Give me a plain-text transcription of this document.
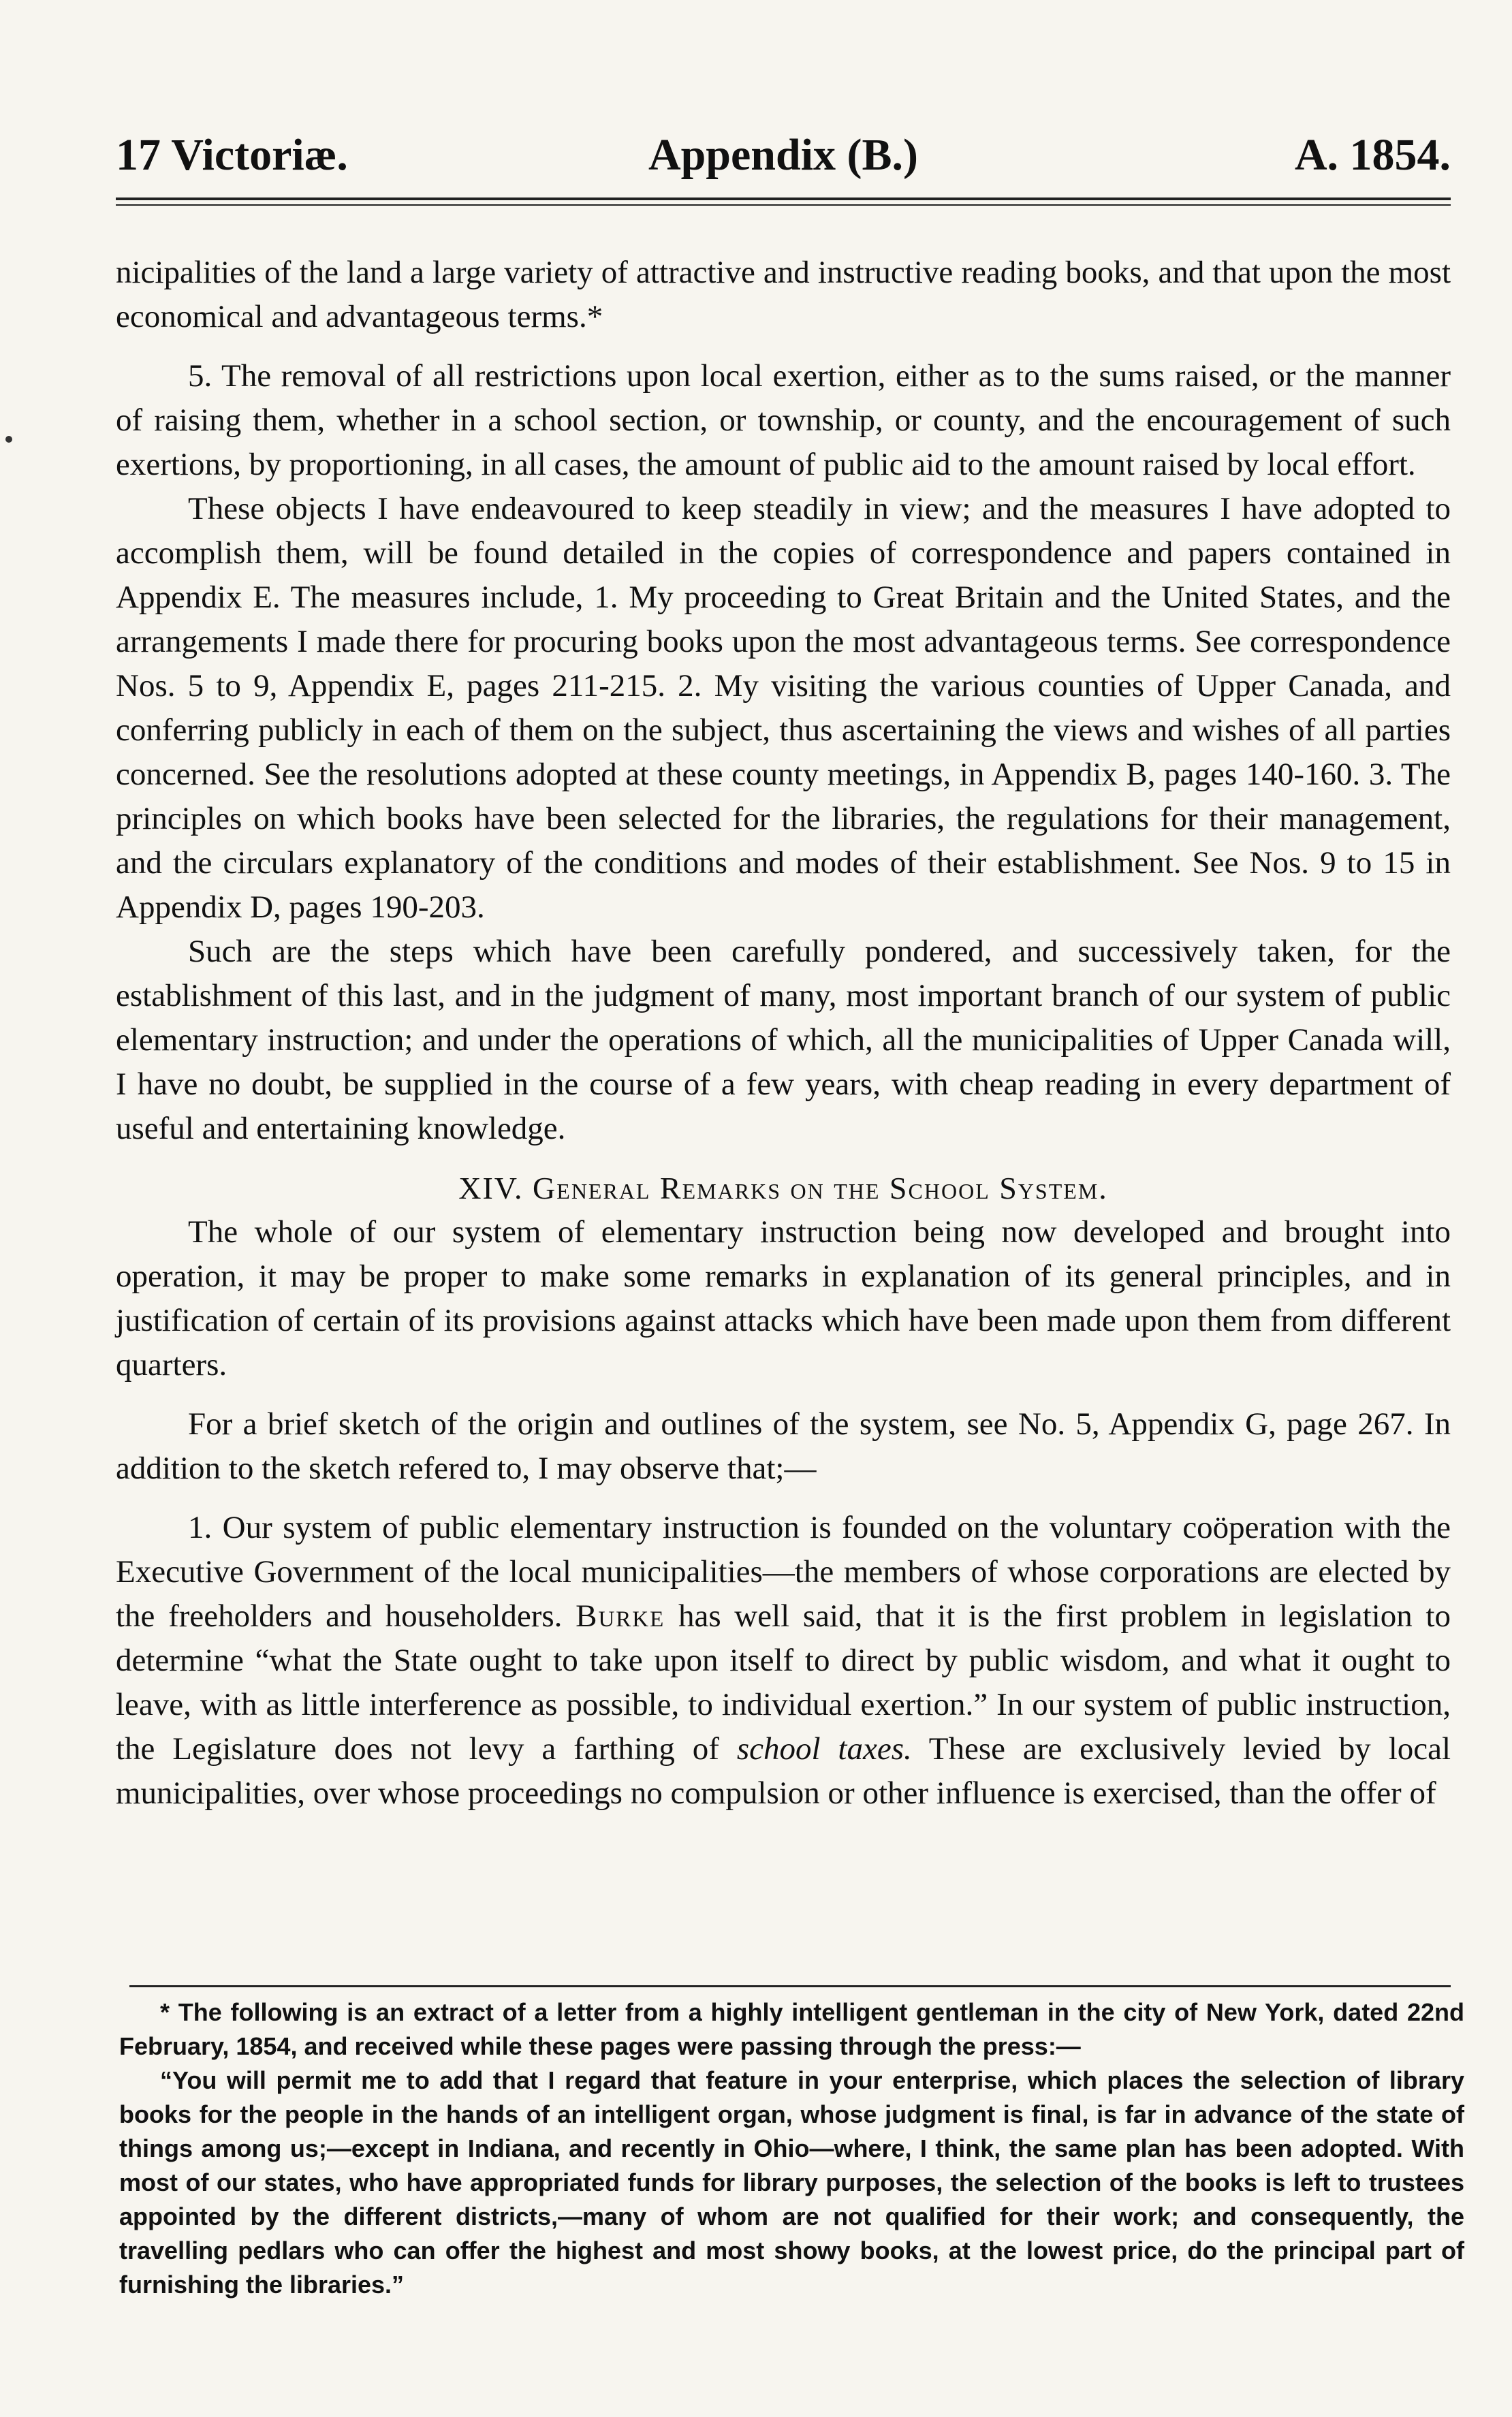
17 Victoriæ.	Appendix (B.)	A. 1854.

nicipalities of the land a large variety of attractive and instructive reading books, and that upon the most economical and advantageous terms.*

5. The removal of all restrictions upon local exertion, either as to the sums raised, or the manner of raising them, whether in a school section, or township, or county, and the encouragement of such exertions, by proportioning, in all cases, the amount of public aid to the amount raised by local effort.

These objects I have endeavoured to keep steadily in view; and the measures I have adopted to accomplish them, will be found detailed in the copies of correspondence and papers contained in Appendix E. The measures include, 1. My proceeding to Great Britain and the United States, and the arrangements I made there for procuring books upon the most advantageous terms. See correspondence Nos. 5 to 9, Appendix E, pages 211-215. 2. My visiting the various counties of Upper Canada, and conferring publicly in each of them on the subject, thus ascertaining the views and wishes of all parties concerned. See the resolutions adopted at these county meetings, in Appendix B, pages 140-160. 3. The principles on which books have been selected for the libraries, the regulations for their management, and the circulars explanatory of the conditions and modes of their establishment. See Nos. 9 to 15 in Appendix D, pages 190-203.

Such are the steps which have been carefully pondered, and successively taken, for the establishment of this last, and in the judgment of many, most important branch of our system of public elementary instruction; and under the operations of which, all the municipalities of Upper Canada will, I have no doubt, be supplied in the course of a few years, with cheap reading in every department of useful and entertaining knowledge.

XIV. General Remarks on the School System.

The whole of our system of elementary instruction being now developed and brought into operation, it may be proper to make some remarks in explanation of its general principles, and in justification of certain of its provisions against attacks which have been made upon them from different quarters.

For a brief sketch of the origin and outlines of the system, see No. 5, Appendix G, page 267. In addition to the sketch refered to, I may observe that;—

1. Our system of public elementary instruction is founded on the voluntary coöperation with the Executive Government of the local municipalities—the members of whose corporations are elected by the freeholders and householders. Burke has well said, that it is the first problem in legislation to determine “what the State ought to take upon itself to direct by public wisdom, and what it ought to leave, with as little interference as possible, to individual exertion.” In our system of public instruction, the Legislature does not levy a farthing of school taxes. These are exclusively levied by local municipalities, over whose proceedings no compulsion or other influence is exercised, than the offer of

* The following is an extract of a letter from a highly intelligent gentleman in the city of New York, dated 22nd February, 1854, and received while these pages were passing through the press:—

“You will permit me to add that I regard that feature in your enterprise, which places the selection of library books for the people in the hands of an intelligent organ, whose judgment is final, is far in advance of the state of things among us;—except in Indiana, and recently in Ohio—where, I think, the same plan has been adopted. With most of our states, who have appropriated funds for library purposes, the selection of the books is left to trustees appointed by the different districts,—many of whom are not qualified for their work; and consequently, the travelling pedlars who can offer the highest and most showy books, at the lowest price, do the principal part of furnishing the libraries.”
